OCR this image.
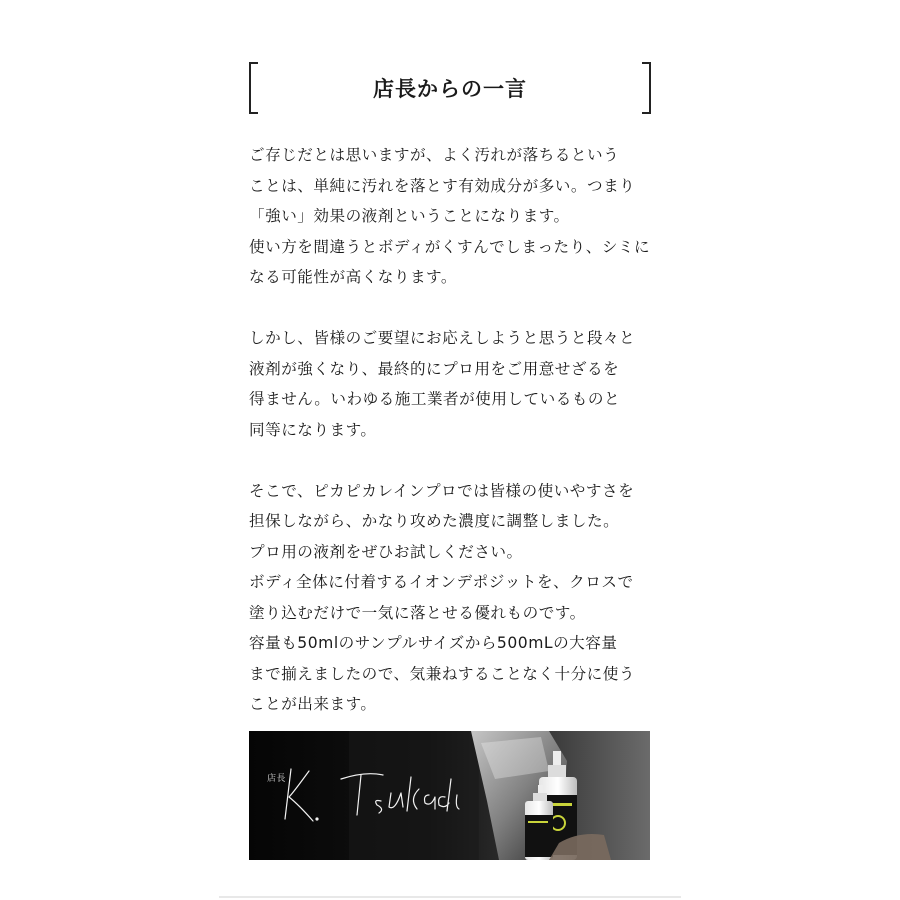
店長からの一言
ご存じだとは思いますが、よく汚れが落ちるという
ことは、単純に汚れを落とす有効成分が多い。つまり
「強い」効果の液剤ということになります。
使い方を間違うとボディがくすんでしまったり、シミに
なる可能性が高くなります。
しかし、皆様のご要望にお応えしようと思うと段々と
液剤が強くなり、最終的にプロ用をご用意せざるを
得ません。いわゆる施工業者が使用しているものと
同等になります。
そこで、ピカピカレインプロでは皆様の使いやすさを
担保しながら、かなり攻めた濃度に調整しました。
プロ用の液剤をぜひお試しください。
ボディ全体に付着するイオンデポジットを、クロスで
塗り込むだけで一気に落とせる優れものです。
容量も50mlのサンプルサイズから500mLの大容量
まで揃えましたので、気兼ねすることなく十分に使う
ことが出来ます。
店長
